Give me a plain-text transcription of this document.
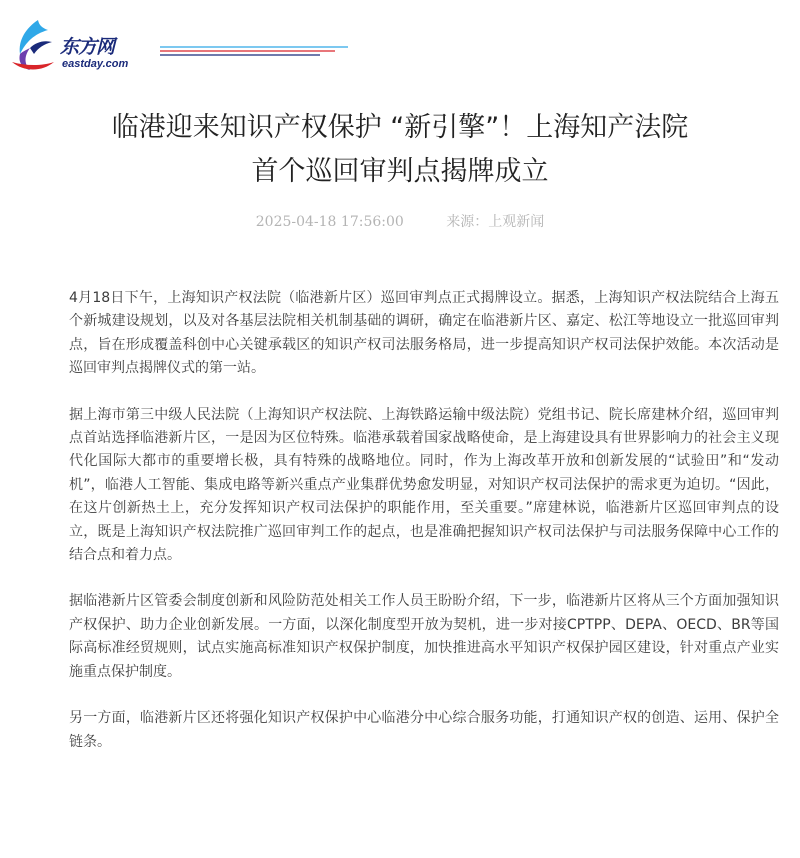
东方网
eastday.com
临港迎来知识产权保护 “新引擎”！上海知产法院
首个巡回审判点揭牌成立
2025-04-18 17:56:00	来源：上观新闻

4月18日下午，上海知识产权法院（临港新片区）巡回审判点正式揭牌设立。据悉，上海知识产权法院结合上海五个新城建设规划，以及对各基层法院相关机制基础的调研，确定在临港新片区、嘉定、松江等地设立一批巡回审判点，旨在形成覆盖科创中心关键承载区的知识产权司法服务格局，进一步提高知识产权司法保护效能。本次活动是巡回审判点揭牌仪式的第一站。

据上海市第三中级人民法院（上海知识产权法院、上海铁路运输中级法院）党组书记、院长席建林介绍，巡回审判点首站选择临港新片区，一是因为区位特殊。临港承载着国家战略使命，是上海建设具有世界影响力的社会主义现代化国际大都市的重要增长极，具有特殊的战略地位。同时，作为上海改革开放和创新发展的“试验田”和“发动机”，临港人工智能、集成电路等新兴重点产业集群优势愈发明显，对知识产权司法保护的需求更为迫切。“因此，在这片创新热土上，充分发挥知识产权司法保护的职能作用，至关重要。”席建林说，临港新片区巡回审判点的设立，既是上海知识产权法院推广巡回审判工作的起点，也是准确把握知识产权司法保护与司法服务保障中心工作的结合点和着力点。

据临港新片区管委会制度创新和风险防范处相关工作人员王盼盼介绍，下一步，临港新片区将从三个方面加强知识产权保护、助力企业创新发展。一方面，以深化制度型开放为契机，进一步对接CPTPP、DEPA、OECD、BR等国际高标准经贸规则，试点实施高标准知识产权保护制度，加快推进高水平知识产权保护园区建设，针对重点产业实施重点保护制度。

另一方面，临港新片区还将强化知识产权保护中心临港分中心综合服务功能，打通知识产权的创造、运用、保护全链条。
